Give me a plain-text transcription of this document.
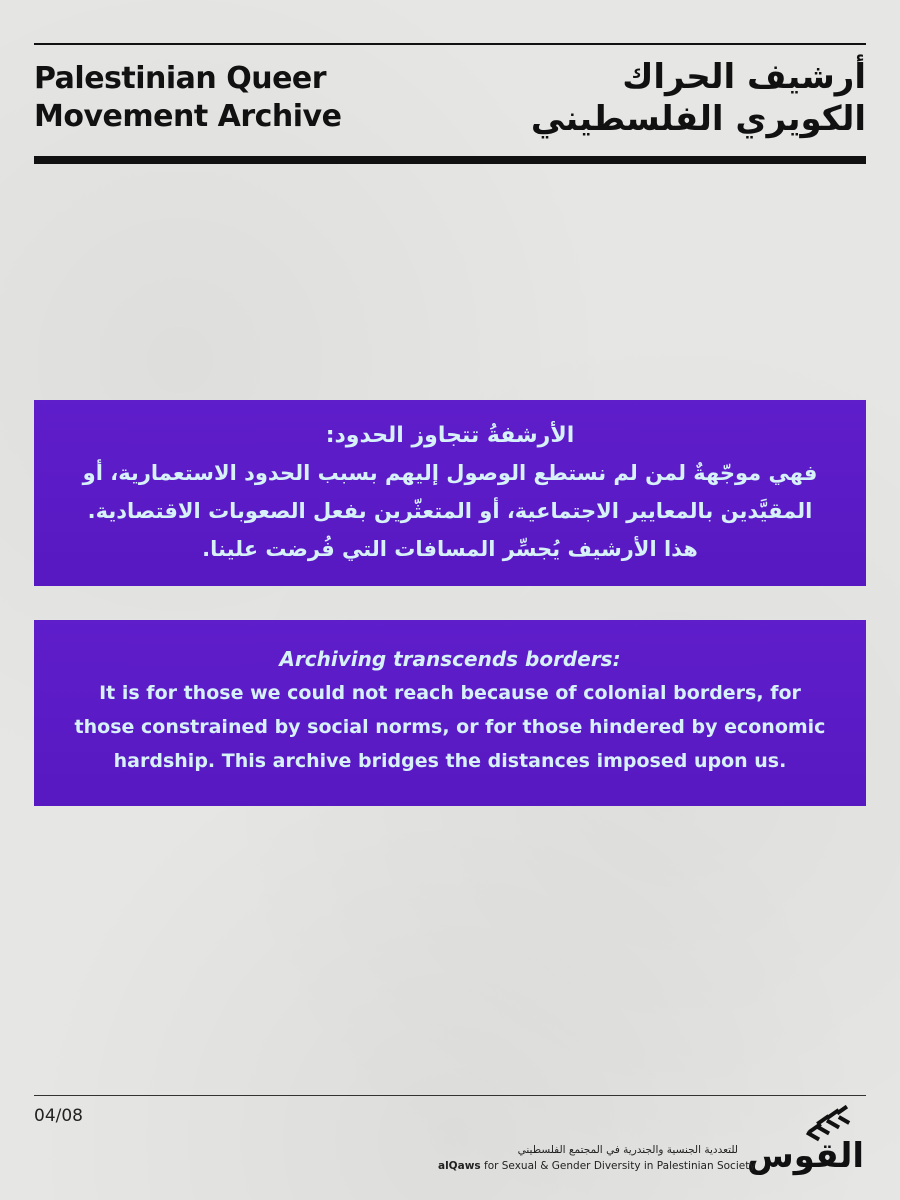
Palestinian Queer
Movement Archive
أرشيف الحراك
الكويري الفلسطيني
الأرشفةُ تتجاوز الحدود:
فهي موجّهةٌ لمن لم نستطع الوصول إليهم بسبب الحدود الاستعمارية، أو
المقيَّدين بالمعايير الاجتماعية، أو المتعثّرين بفعل الصعوبات الاقتصادية.
هذا الأرشيف يُجسِّر المسافات التي فُرضت علينا.
Archiving transcends borders:
It is for those we could not reach because of colonial borders, for
those constrained by social norms, or for those hindered by economic
hardship. This archive bridges the distances imposed upon us.
04/08
القوس
للتعددية الجنسية والجندرية في المجتمع الفلسطيني
alQaws for Sexual & Gender Diversity in Palestinian Society
